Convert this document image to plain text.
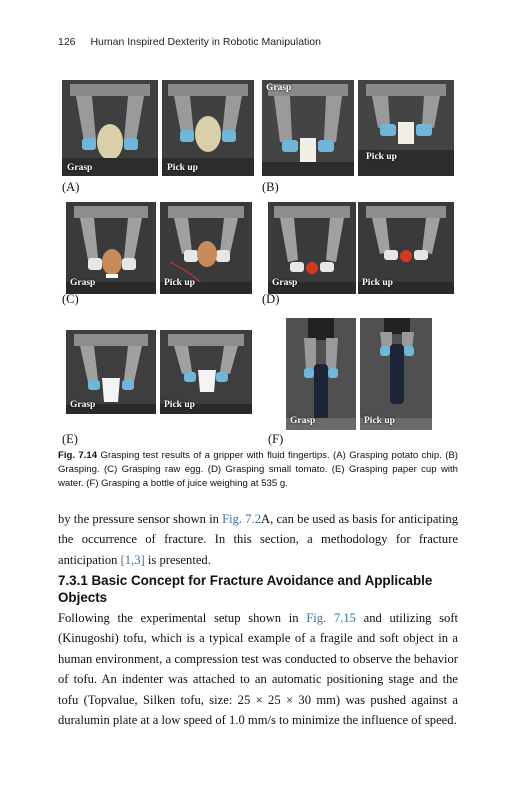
126 Human Inspired Dexterity in Robotic Manipulation
Grasp	Pick up
Grasp
Pick up
(A)	(B)
Grasp	Pick up	Grasp	Pick up
(C)	(D)
Grasp	Pick up
Grasp	Pick up
(E)	(F)
Fig. 7.14 Grasping test results of a gripper with fluid fingertips. (A) Grasping potato chip. (B) Grasping. (C) Grasping raw egg. (D) Grasping small tomato. (E) Grasping paper cup with water. (F) Grasping a bottle of juice weighing at 535 g.
by the pressure sensor shown in Fig. 7.2A, can be used as basis for anticipating the occurrence of fracture. In this section, a methodology for fracture anticipation [1,3] is presented.
7.3.1 Basic Concept for Fracture Avoidance and Applicable Objects
Following the experimental setup shown in Fig. 7.15 and utilizing soft (Kinugoshi) tofu, which is a typical example of a fragile and soft object in a human environment, a compression test was conducted to observe the behavior of tofu. An indenter was attached to an automatic positioning stage and the tofu (Topvalue, Silken tofu, size: 25 × 25 × 30 mm) was pushed against a duralumin plate at a low speed of 1.0 mm/s to minimize the influence of speed.
